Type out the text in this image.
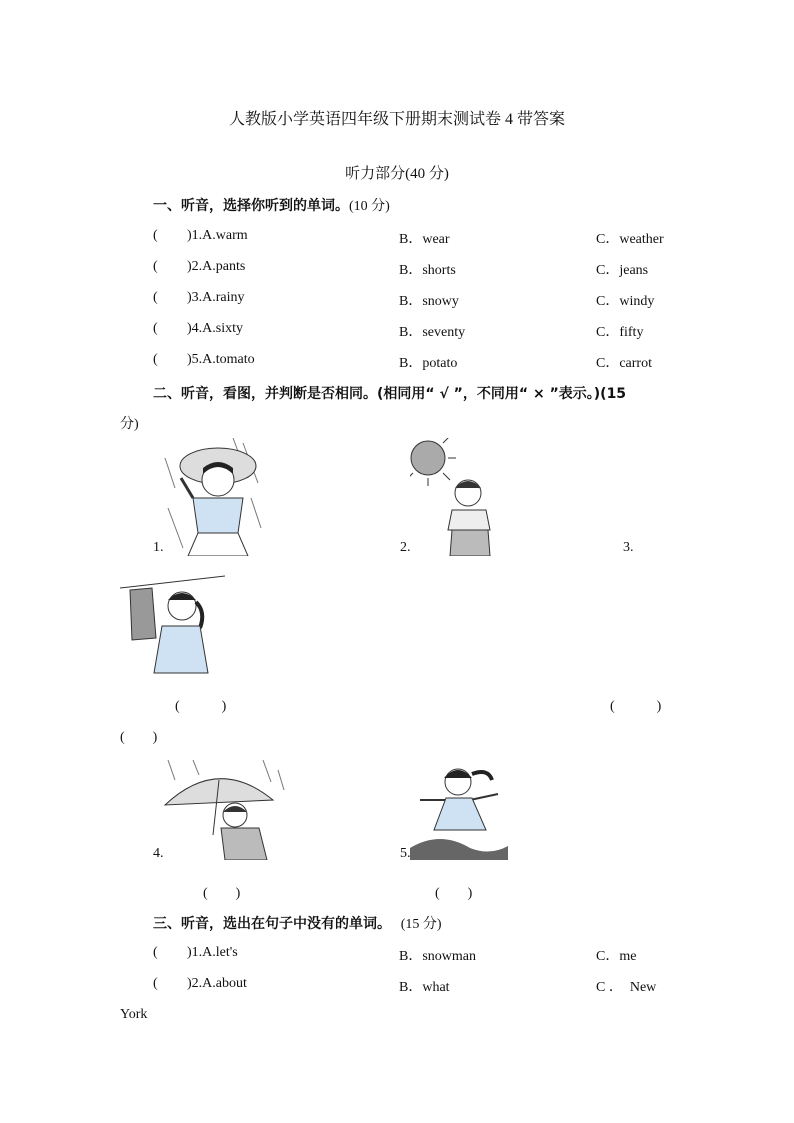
人教版小学英语四年级下册期末测试卷 4 带答案
听力部分(40 分)
一、听音，选择你听到的单词。(10 分)
( )1.A.warm	B．wear	C．weather
( )2.A.pants	B．shorts	C．jeans
( )3.A.rainy	B．snowy	C．windy
( )4.A.sixty	B．seventy	C．fifty
( )5.A.tomato	B．potato	C．carrot
二、听音，看图，并判断是否相同。(相同用“ √ ”，不同用“ × ”表示。)(15
分)
1.	2.	3.
(　　　)	(　　　)
(　　)
4.	5.
(　　)	(　　)
三、听音，选出在句子中没有的单词。 (15 分)
( )1.A.let's	B．snowman	C．me
( )2.A.about	B．what	C ．  New
York
